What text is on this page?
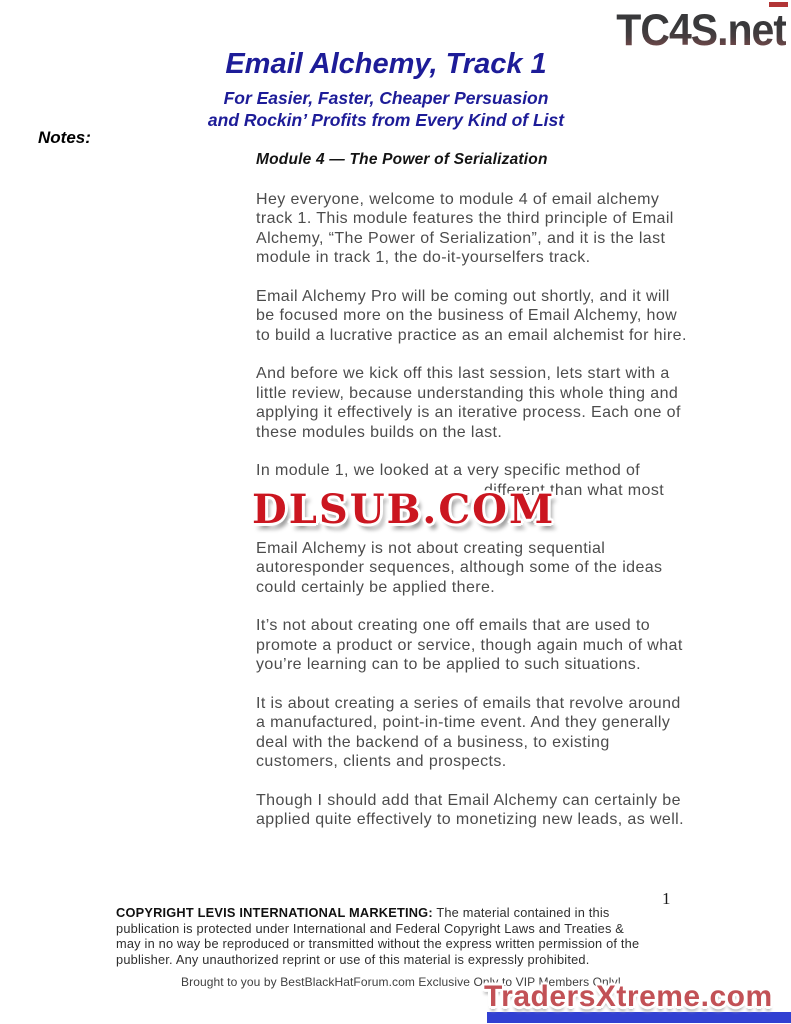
TC4S.net
Email Alchemy, Track 1
For Easier, Faster, Cheaper Persuasion
and Rockin’ Profits from Every Kind of List
Notes:

Module 4 — The Power of Serialization

Hey everyone, welcome to module 4 of email alchemy track 1. This module features the third principle of Email Alchemy, “The Power of Serialization”, and it is the last module in track 1, the do-it-yourselfers track.

Email Alchemy Pro will be coming out shortly, and it will be focused more on the business of Email Alchemy, how to build a lucrative practice as an email alchemist for hire.

And before we kick off this last session, lets start with a little review, because understanding this whole thing and applying it effectively is an iterative process. Each one of these modules builds on the last.

In module 1, we looked at a very specific method of
different than what most

Email Alchemy is not about creating sequential autoresponder sequences, although some of the ideas could certainly be applied there.

It’s not about creating one off emails that are used to promote a product or service, though again much of what you’re learning can to be applied to such situations.

It is about creating a series of emails that revolve around a manufactured, point-in-time event. And they generally deal with the backend of a business, to existing customers, clients and prospects.

Though I should add that Email Alchemy can certainly be applied quite effectively to monetizing new leads, as well.

DLSUB.COM
1
COPYRIGHT LEVIS INTERNATIONAL MARKETING: The material contained in this publication is protected under International and Federal Copyright Laws and Treaties & may in no way be reproduced or transmitted without the express written permission of the publisher. Any unauthorized reprint or use of this material is expressly prohibited.
Brought to you by BestBlackHatForum.com Exclusive Only to VIP Members Only!
TradersXtreme.com
